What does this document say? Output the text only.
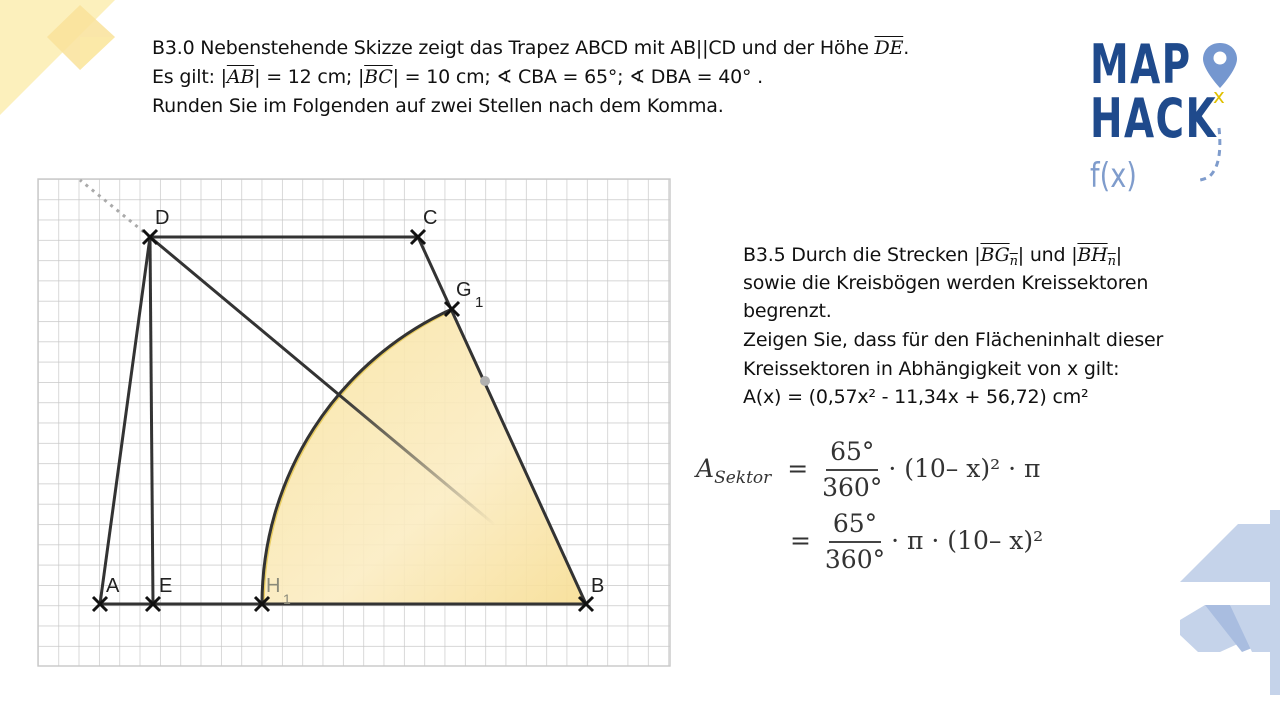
B3.0 Nebenstehende Skizze zeigt das Trapez ABCD mit AB||CD und der Höhe $\overline{DE}$.
Es gilt: $|\overline{AB}| = 12$ cm; $|\overline{BC}| = 10$ cm; ∢ CBA = 65°; ∢ DBA = 40° .
Runden Sie im Folgenden auf zwei Stellen nach dem Komma.
MAP
HACK
f(x)
x
A E	H
1
B
D	C
G
1
B3.5 Durch die Strecken $|BG_n|$ und $|BH_n|$
sowie die Kreisbögen werden Kreissektoren
begrenzt.
Zeigen Sie, dass für den Flächeninhalt dieser
Kreissektoren in Abhängigkeit von x gilt:
A(x) = (0,57x² - 11,34x + 56,72) cm²
$A_{Sektor} = \frac{65^\circ}{360^\circ} \cdot (10-$ x)² · π
= $\frac{65^\circ}{360^\circ} \cdot \pi \cdot (10-$ x)²
